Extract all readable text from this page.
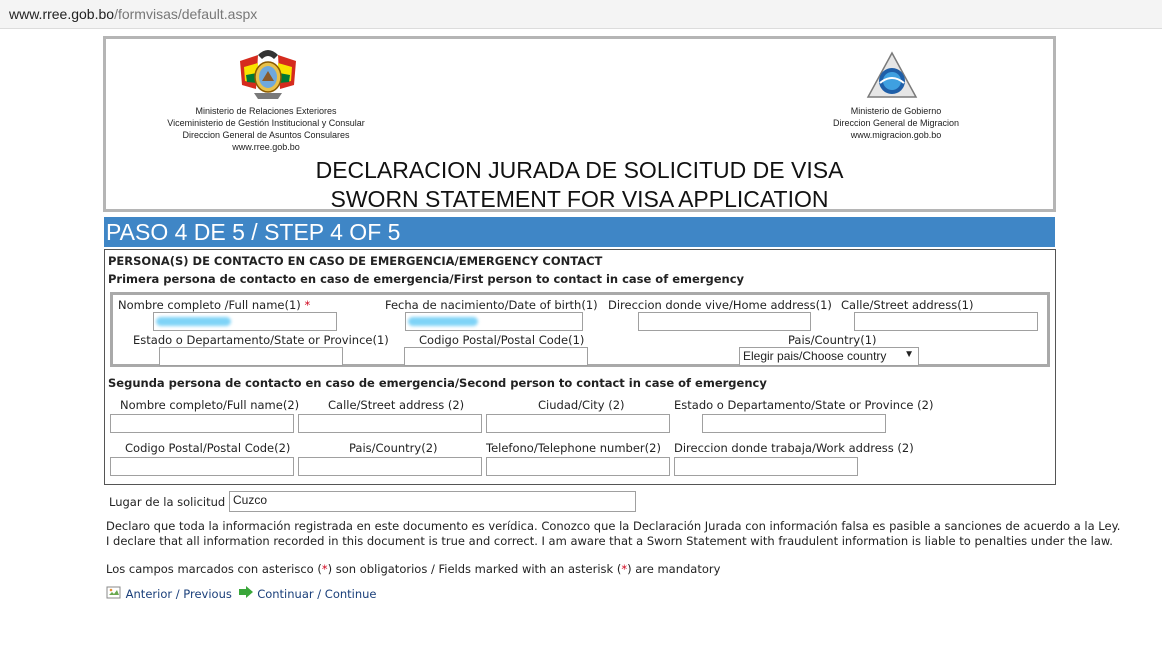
www.rree.gob.bo/formvisas/default.aspx
Ministerio de Relaciones Exteriores
Viceministerio de Gestión Institucional y Consular
Direccion General de Asuntos Consulares
www.rree.gob.bo
Ministerio de Gobierno
Direccion General de Migracion
www.migracion.gob.bo
DECLARACION JURADA DE SOLICITUD DE VISA
SWORN STATEMENT FOR VISA APPLICATION
PASO 4 DE 5 / STEP 4 OF 5
PERSONA(S) DE CONTACTO EN CASO DE EMERGENCIA/EMERGENCY CONTACT
Primera persona de contacto en caso de emergencia/First person to contact in case of emergency
Nombre completo /Full name(1) *	Fecha de nacimiento/Date of birth(1) Direccion donde vive/Home address(1) Calle/Street address(1)
Estado o Departamento/State or Province(1)	Codigo Postal/Postal Code(1)	Pais/Country(1)
Elegir pais/Choose country ▼
Segunda persona de contacto en caso de emergencia/Second person to contact in case of emergency
Nombre completo/Full name(2)	Calle/Street address (2)	Ciudad/City (2)	Estado o Departamento/State or Province (2)
Codigo Postal/Postal Code(2)	Pais/Country(2)	Telefono/Telephone number(2) Direccion donde trabaja/Work address (2)
Lugar de la solicitud Cuzco
Declaro que toda la información registrada en este documento es verídica. Conozco que la Declaración Jurada con información falsa es pasible a sanciones de acuerdo a la Ley.
I declare that all information recorded in this document is true and correct. I am aware that a Sworn Statement with fraudulent information is liable to penalties under the law.
Los campos marcados con asterisco (*) son obligatorios / Fields marked with an asterisk (*) are mandatory
Anterior / Previous Continuar / Continue
